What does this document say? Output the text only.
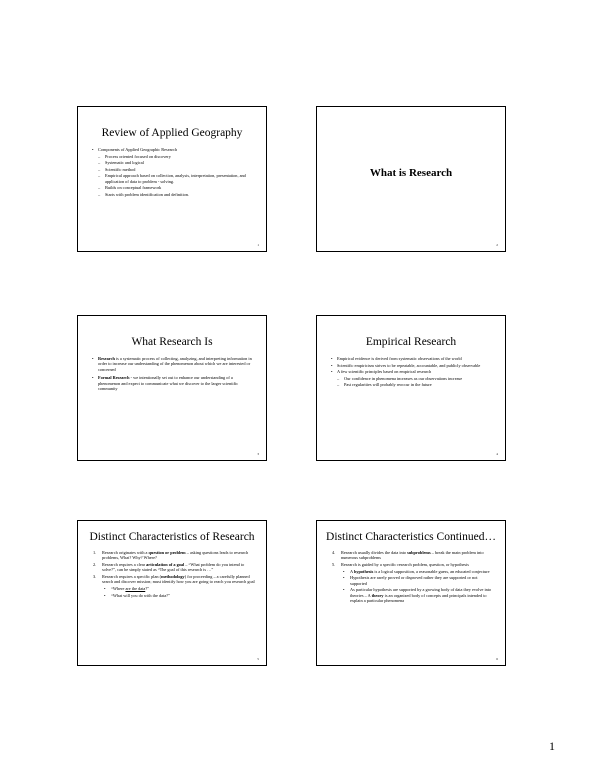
Review of Applied Geography
• Components of Applied Geographic Research
– Process oriented focused on discovery
– Systematic and logical
– Scientific method
– Empirical approach based on collection, analysis, interpretation, presentation, and application of data to problem - solving.
– Builds on conceptual framework
– Starts with problem identification and definition.
1
What is Research
2
What Research Is
• Research is a systematic process of collecting, analyzing, and interpreting information in order to increase our understanding of the phenomenon about which we are interested or concerned
• Formal Research - we intentionally set out to enhance our understanding of a phenomenon and expect to communicate what we discover to the larger scientific community
3
Empirical Research
• Empirical evidence is derived from systematic observations of the world
• Scientific empiricism strives to be repeatable, accountable, and publicly observable
• A few scientific principles based on empirical research
– Our confidence in phenomena increases as our observations increase
– Past regularities will probably reoccur in the future
4
Distinct Characteristics of Research
1. Research originates with a question or problem – asking questions leads to research problems, What? Why? Where?
2. Research requires a clear articulation of a goal – “What problem do you intend to solve?”, can be simply stated as “The goal of this research is …”
3. Research requires a specific plan (methodology) for proceeding – a carefully planned search and discover mission; must identify how you are going to reach you research goal
• “Where are the data?”
• “What will you do with the data?”
5
Distinct Characteristics Continued…
4. Research usually divides the data into subproblems – break the main problem into numerous subproblems
5. Research is guided by a specific research problem, question, or hypothesis
• A hypothesis is a logical supposition, a reasonable guess, an educated conjecture
• Hypothesis are rarely proved or disproved rather they are supported or not supported
• As particular hypothesis are supported by a growing body of data they evolve into theories – A theory is an organized body of concepts and principals intended to explain a particular phenomena
6
1
